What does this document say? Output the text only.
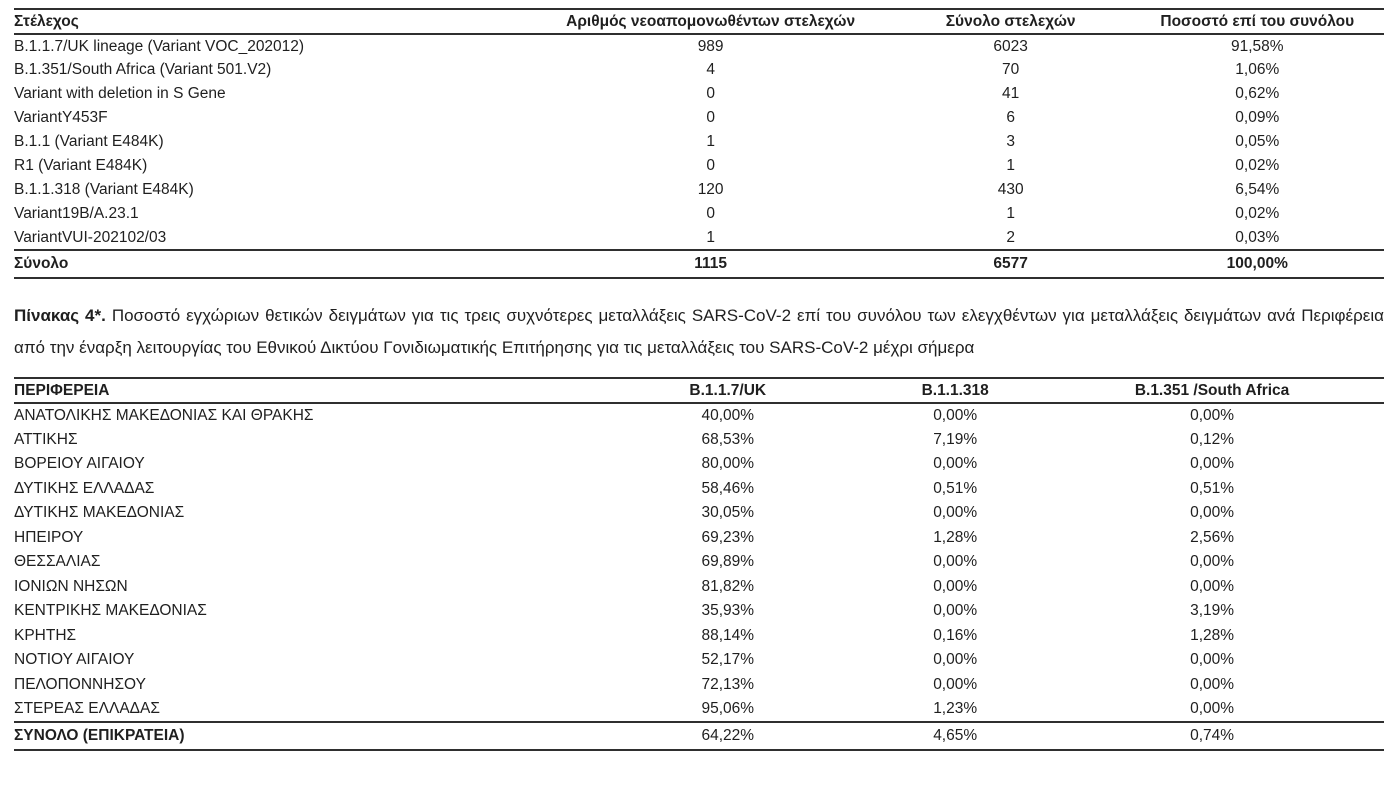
Στέλεχος	Αριθμός νεοαπομονωθέντων στελεχών	Σύνολο στελεχών	Ποσοστό επί του συνόλου
B.1.1.7/UK lineage (Variant VOC_202012)	989	6023	91,58%
B.1.351/South Africa (Variant 501.V2)	4	70	1,06%
Variant with deletion in S Gene	0	41	0,62%
VariantY453F	0	6	0,09%
B.1.1 (Variant E484K)	1	3	0,05%
R1 (Variant E484K)	0	1	0,02%
B.1.1.318 (Variant E484K)	120	430	6,54%
Variant19B/A.23.1	0	1	0,02%
VariantVUI-202102/03	1	2	0,03%
Σύνολο	1115	6577	100,00%

Πίνακας 4*. Ποσοστό εγχώριων θετικών δειγμάτων για τις τρεις συχνότερες μεταλλάξεις SARS-CoV-2 επί του συνόλου των ελεγχθέντων για μεταλλάξεις δειγμάτων ανά Περιφέρεια από την έναρξη λειτουργίας του Εθνικού Δικτύου Γονιδιωματικής Επιτήρησης για τις μεταλλάξεις του SARS-CoV-2 μέχρι σήμερα

ΠΕΡΙΦΕΡΕΙΑ	B.1.1.7/UK	B.1.1.318	B.1.351 /South Africa
ΑΝΑΤΟΛΙΚΗΣ ΜΑΚΕΔΟΝΙΑΣ ΚΑΙ ΘΡΑΚΗΣ	40,00%	0,00%	0,00%
ΑΤΤΙΚΗΣ	68,53%	7,19%	0,12%
ΒΟΡΕΙΟΥ ΑΙΓΑΙΟΥ	80,00%	0,00%	0,00%
ΔΥΤΙΚΗΣ ΕΛΛΑΔΑΣ	58,46%	0,51%	0,51%
ΔΥΤΙΚΗΣ ΜΑΚΕΔΟΝΙΑΣ	30,05%	0,00%	0,00%
ΗΠΕΙΡΟΥ	69,23%	1,28%	2,56%
ΘΕΣΣΑΛΙΑΣ	69,89%	0,00%	0,00%
ΙΟΝΙΩΝ ΝΗΣΩΝ	81,82%	0,00%	0,00%
ΚΕΝΤΡΙΚΗΣ ΜΑΚΕΔΟΝΙΑΣ	35,93%	0,00%	3,19%
ΚΡΗΤΗΣ	88,14%	0,16%	1,28%
ΝΟΤΙΟΥ ΑΙΓΑΙΟΥ	52,17%	0,00%	0,00%
ΠΕΛΟΠΟΝΝΗΣΟΥ	72,13%	0,00%	0,00%
ΣΤΕΡΕΑΣ ΕΛΛΑΔΑΣ	95,06%	1,23%	0,00%
ΣΥΝΟΛΟ (ΕΠΙΚΡΑΤΕΙΑ)	64,22%	4,65%	0,74%
